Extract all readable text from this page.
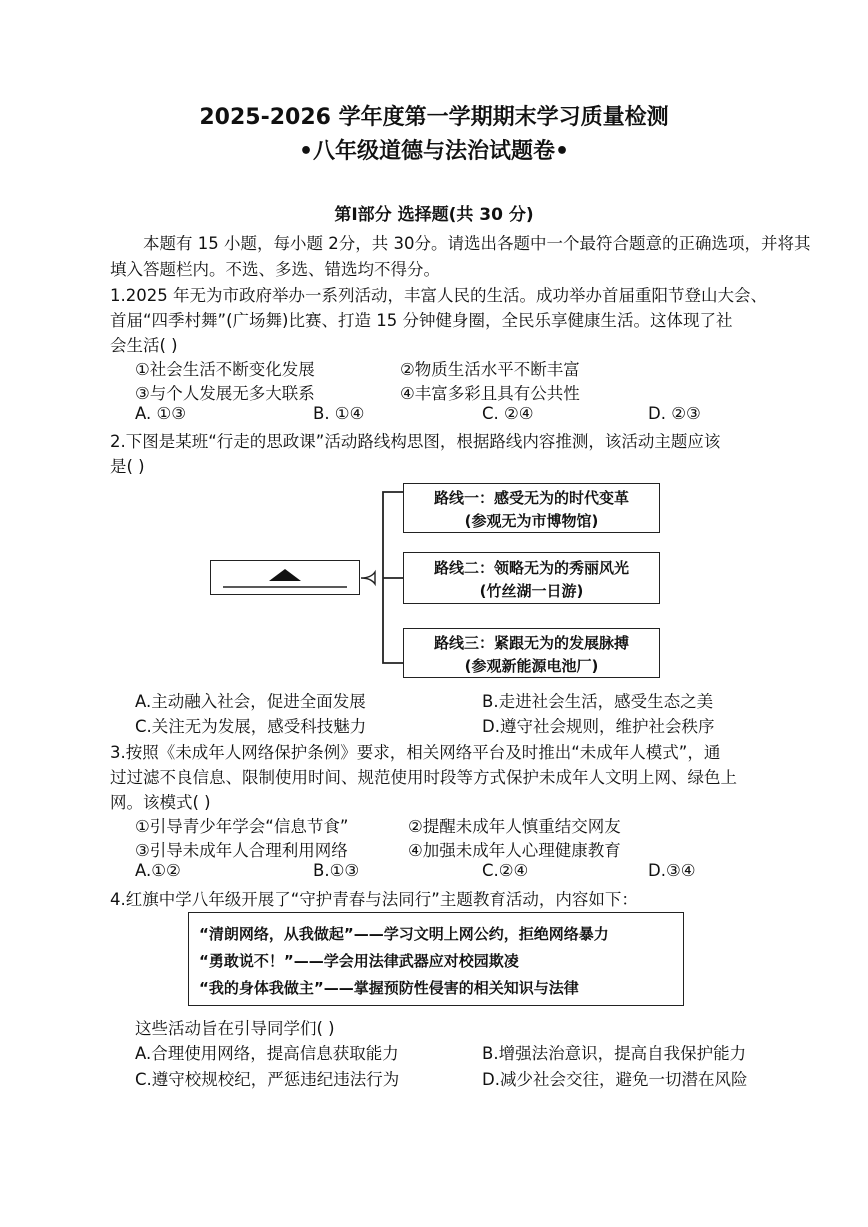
2025-2026 学年度第一学期期末学习质量检测
•八年级道德与法治试题卷•
第Ⅰ部分 选择题(共 30 分)
本题有 15 小题，每小题 2分，共 30分。请选出各题中一个最符合题意的正确选项，并将其
填入答题栏内。不选、多选、错选均不得分。
1.2025 年无为市政府举办一系列活动，丰富人民的生活。成功举办首届重阳节登山大会、
首届“四季村舞”(广场舞)比赛、打造 15 分钟健身圈，全民乐享健康生活。这体现了社
会生活( )
①社会生活不断变化发展	②物质生活水平不断丰富
③与个人发展无多大联系	④丰富多彩且具有公共性
A. ①③	B. ①④	C. ②④	D. ②③
2.下图是某班“行走的思政课”活动路线构思图，根据路线内容推测，该活动主题应该
是( )
路线一：感受无为的时代变革
(参观无为市博物馆)
路线二：领略无为的秀丽风光
(竹丝湖一日游)
路线三：紧跟无为的发展脉搏
(参观新能源电池厂)
A.主动融入社会，促进全面发展	B.走进社会生活，感受生态之美
C.关注无为发展，感受科技魅力	D.遵守社会规则，维护社会秩序
3.按照《未成年人网络保护条例》要求，相关网络平台及时推出“未成年人模式”，通
过过滤不良信息、限制使用时间、规范使用时段等方式保护未成年人文明上网、绿色上
网。该模式( )
①引导青少年学会“信息节食”	②提醒未成年人慎重结交网友
③引导未成年人合理利用网络	④加强未成年人心理健康教育
A.①②	B.①③	C.②④	D.③④
4.红旗中学八年级开展了“守护青春与法同行”主题教育活动，内容如下：
“清朗网络，从我做起”——学习文明上网公约，拒绝网络暴力
“勇敢说不！”——学会用法律武器应对校园欺凌
“我的身体我做主”——掌握预防性侵害的相关知识与法律
这些活动旨在引导同学们( )
A.合理使用网络，提高信息获取能力	B.增强法治意识，提高自我保护能力
C.遵守校规校纪，严惩违纪违法行为	D.减少社会交往，避免一切潜在风险
